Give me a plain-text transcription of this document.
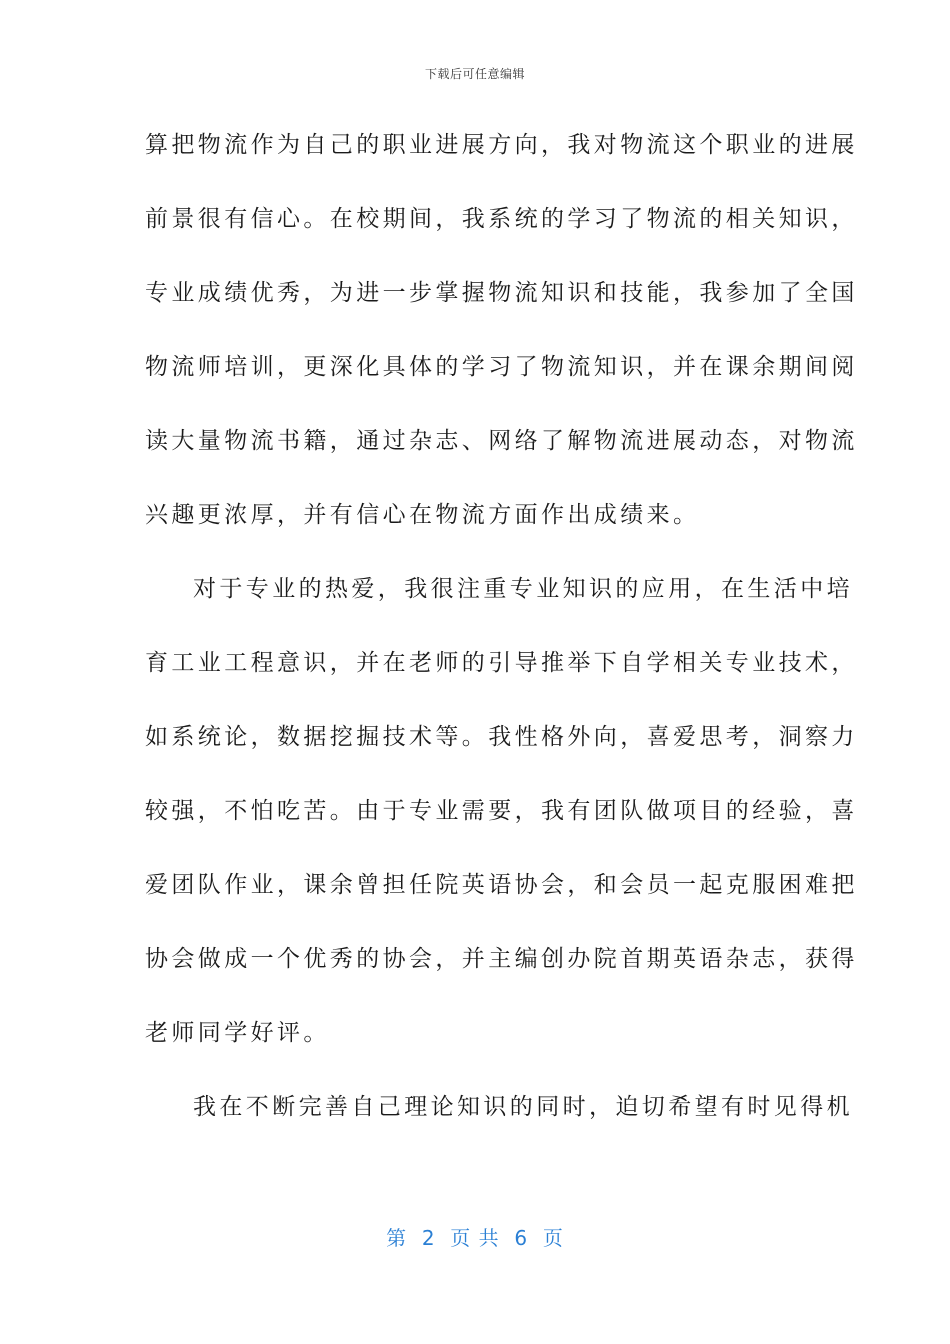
下载后可任意编辑
算把物流作为自己的职业进展方向，我对物流这个职业的进展
前景很有信心。在校期间，我系统的学习了物流的相关知识，
专业成绩优秀，为进一步掌握物流知识和技能，我参加了全国
物流师培训，更深化具体的学习了物流知识，并在课余期间阅
读大量物流书籍，通过杂志、网络了解物流进展动态，对物流
兴趣更浓厚，并有信心在物流方面作出成绩来。
对于专业的热爱，我很注重专业知识的应用，在生活中培
育工业工程意识，并在老师的引导推举下自学相关专业技术，
如系统论，数据挖掘技术等。我性格外向，喜爱思考，洞察力
较强，不怕吃苦。由于专业需要，我有团队做项目的经验，喜
爱团队作业，课余曾担任院英语协会，和会员一起克服困难把
协会做成一个优秀的协会，并主编创办院首期英语杂志，获得
老师同学好评。
我在不断完善自己理论知识的同时，迫切希望有时见得机
第  2  页 共  6  页
